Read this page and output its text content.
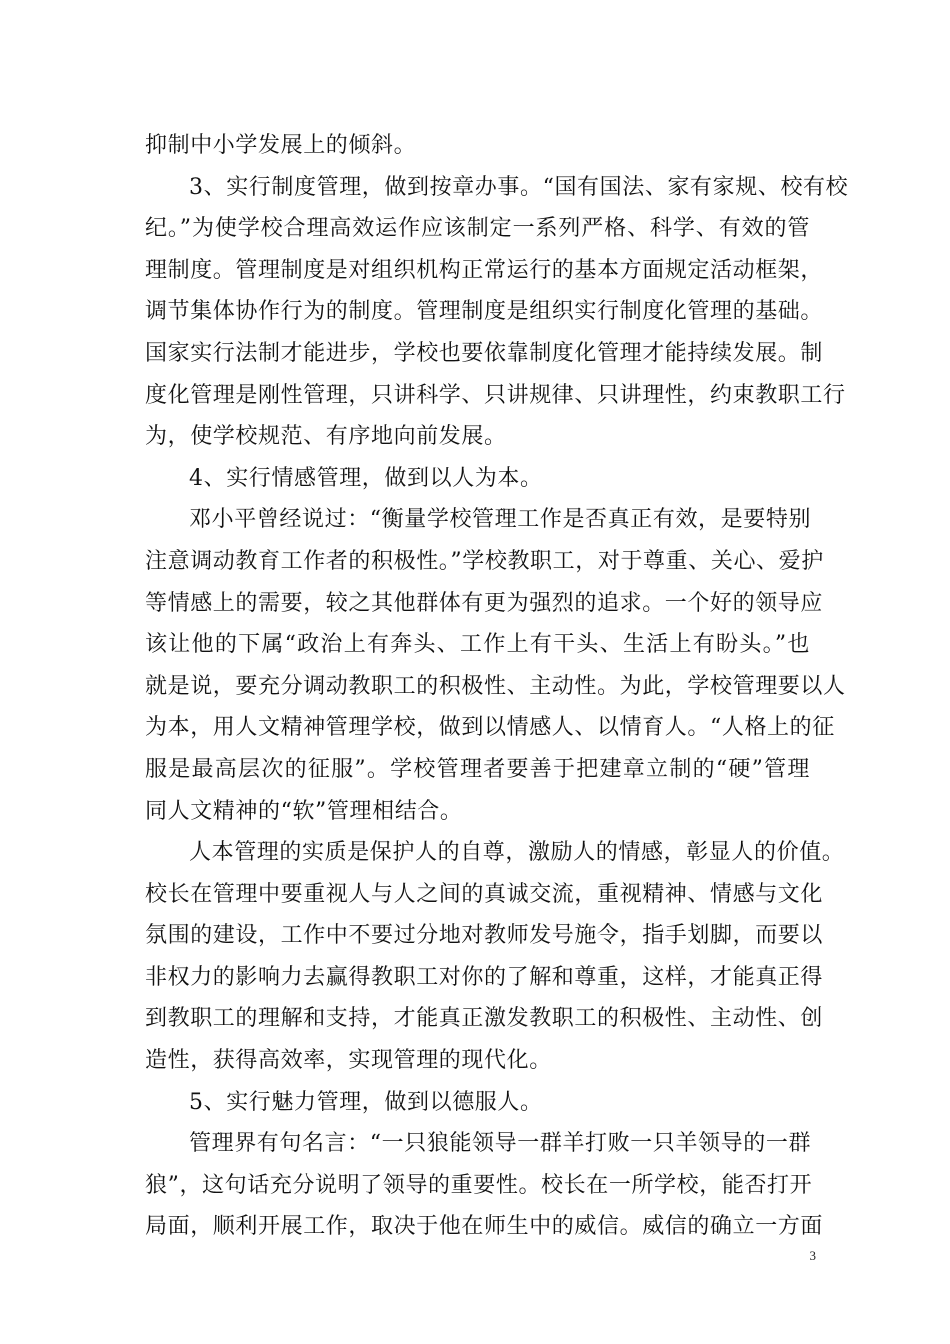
抑制中小学发展上的倾斜。
3、实行制度管理，做到按章办事。“国有国法、家有家规、校有校
纪。”为使学校合理高效运作应该制定一系列严格、科学、有效的管
理制度。管理制度是对组织机构正常运行的基本方面规定活动框架，
调节集体协作行为的制度。管理制度是组织实行制度化管理的基础。
国家实行法制才能进步，学校也要依靠制度化管理才能持续发展。制
度化管理是刚性管理，只讲科学、只讲规律、只讲理性，约束教职工行
为，使学校规范、有序地向前发展。
4、实行情感管理，做到以人为本。
邓小平曾经说过：“衡量学校管理工作是否真正有效，是要特别
注意调动教育工作者的积极性。”学校教职工，对于尊重、关心、爱护
等情感上的需要，较之其他群体有更为强烈的追求。一个好的领导应
该让他的下属“政治上有奔头、工作上有干头、生活上有盼头。”也
就是说，要充分调动教职工的积极性、主动性。为此，学校管理要以人
为本，用人文精神管理学校，做到以情感人、以情育人。“人格上的征
服是最高层次的征服”。学校管理者要善于把建章立制的“硬”管理
同人文精神的“软”管理相结合。
人本管理的实质是保护人的自尊，激励人的情感，彰显人的价值。
校长在管理中要重视人与人之间的真诚交流，重视精神、情感与文化
氛围的建设，工作中不要过分地对教师发号施令，指手划脚，而要以
非权力的影响力去赢得教职工对你的了解和尊重，这样，才能真正得
到教职工的理解和支持，才能真正激发教职工的积极性、主动性、创
造性，获得高效率，实现管理的现代化。
5、实行魅力管理，做到以德服人。
管理界有句名言：“一只狼能领导一群羊打败一只羊领导的一群
狼”，这句话充分说明了领导的重要性。校长在一所学校，能否打开
局面，顺利开展工作，取决于他在师生中的威信。威信的确立一方面
3
